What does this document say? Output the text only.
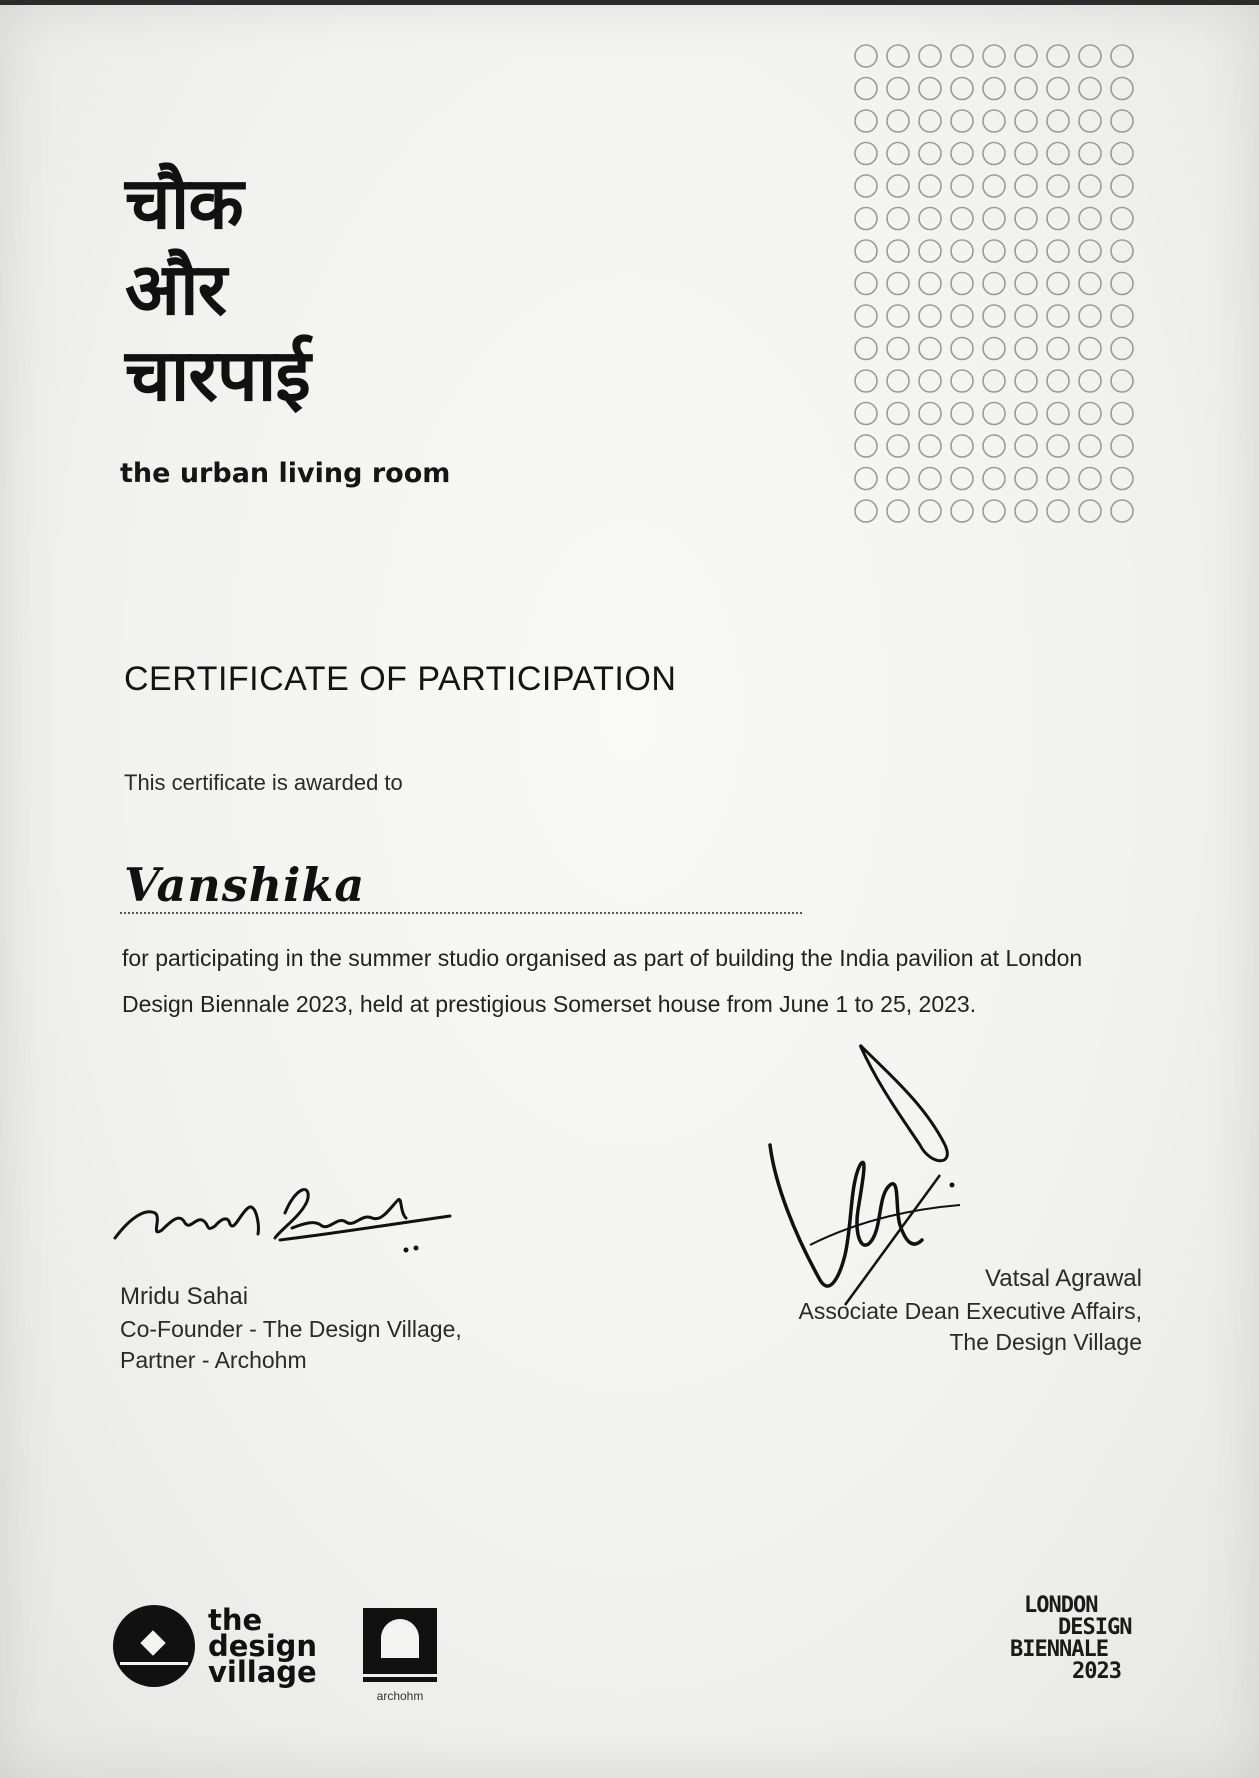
चौक
और
चारपाई
the urban living room
CERTIFICATE OF PARTICIPATION
This certificate is awarded to
Vanshika

for participating in the summer studio organised as part of building the India pavilion at London Design Biennale 2023, held at prestigious Somerset house from June 1 to 25, 2023.

Mridu Sahai
Co-Founder - The Design Village,
Partner - Archohm
Vatsal Agrawal
Associate Dean Executive Affairs,
The Design Village
the
design
village
archohm
LONDON
DESIGN
BIENNALE
2023
